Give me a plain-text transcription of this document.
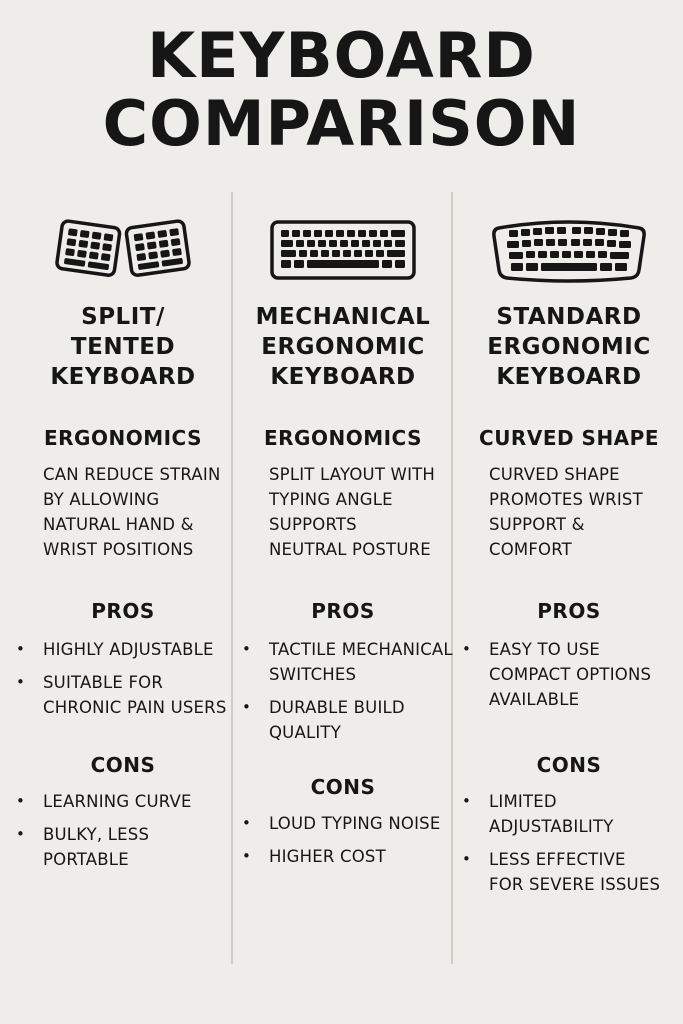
KEYBOARD
COMPARISON
SPLIT/
TENTED
KEYBOARD
ERGONOMICS
CAN REDUCE STRAIN
BY ALLOWING
NATURAL HAND &
WRIST POSITIONS
PROS
•	HIGHLY ADJUSTABLE
•	SUITABLE FOR
CHRONIC PAIN USERS
CONS
•	LEARNING CURVE
•	BULKY, LESS
PORTABLE
MECHANICAL
ERGONOMIC
KEYBOARD
ERGONOMICS
SPLIT LAYOUT WITH
TYPING ANGLE
SUPPORTS
NEUTRAL POSTURE
PROS
•	TACTILE MECHANICAL
SWITCHES
•	DURABLE BUILD
QUALITY
CONS
•	LOUD TYPING NOISE
•	HIGHER COST
STANDARD
ERGONOMIC
KEYBOARD
CURVED SHAPE
CURVED SHAPE
PROMOTES WRIST
SUPPORT &
COMFORT
PROS
•	EASY TO USE
COMPACT OPTIONS
AVAILABLE
CONS
•	LIMITED
ADJUSTABILITY
•	LESS EFFECTIVE
FOR SEVERE ISSUES
